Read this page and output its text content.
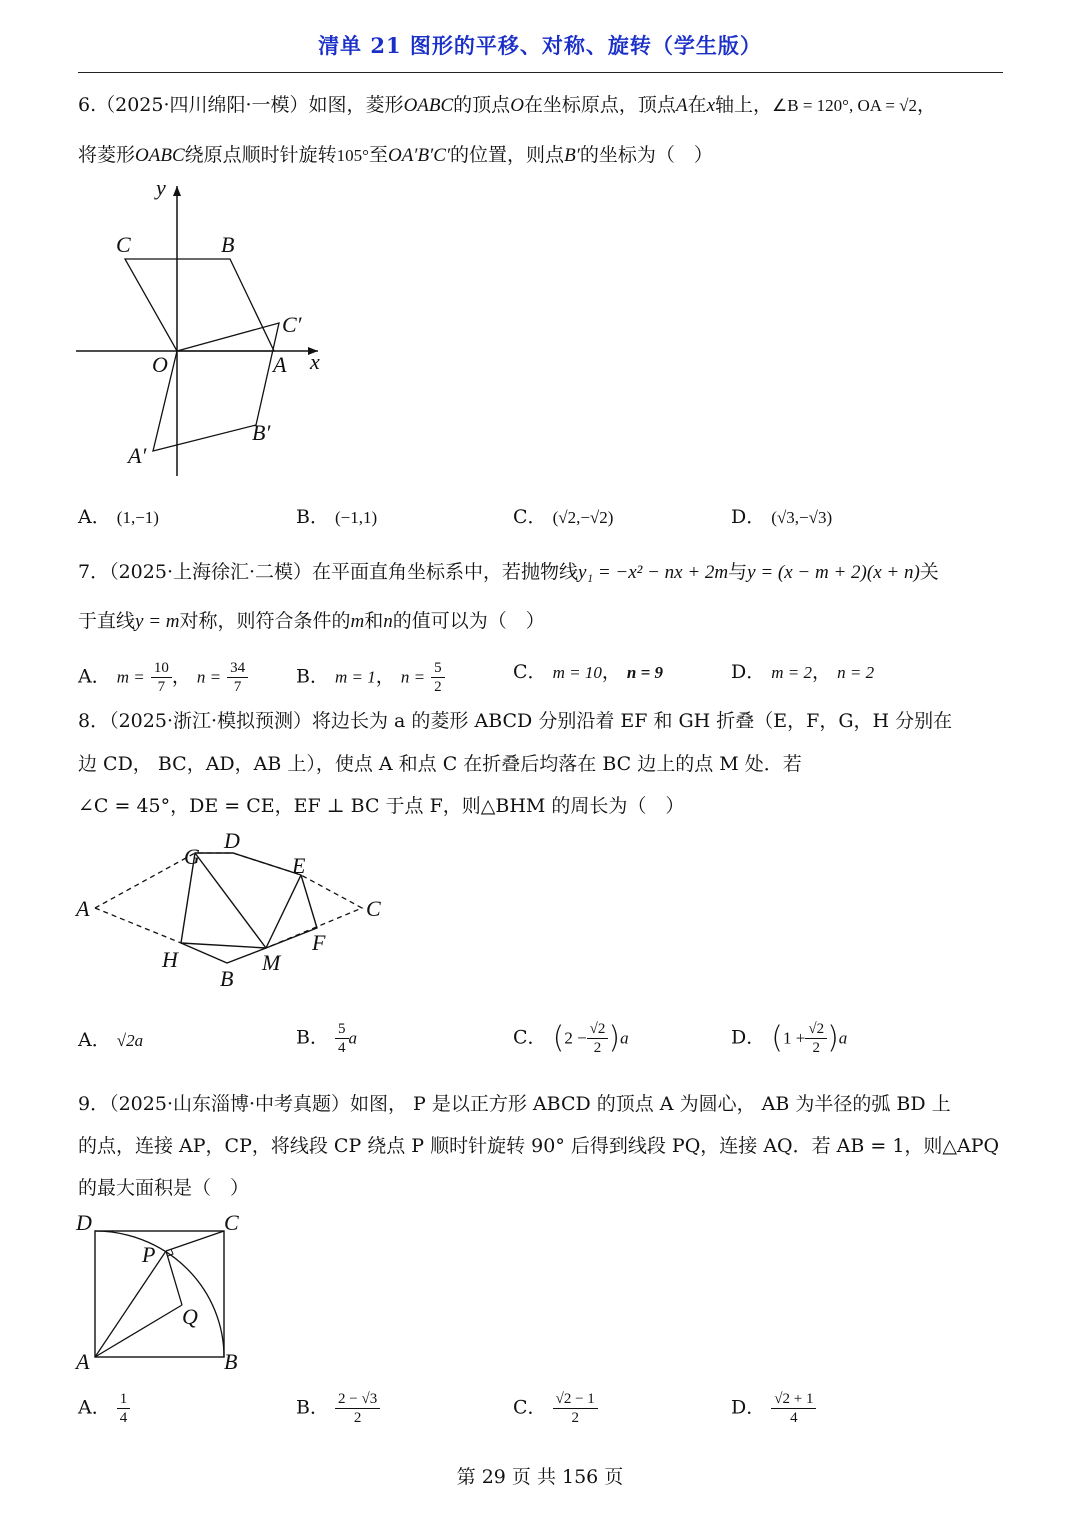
清单 21 图形的平移、对称、旋转（学生版）
6.（2025·四川绵阳·一模）如图，菱形OABC的顶点O在坐标原点，顶点A在x轴上，∠B = 120°, OA = √2，
将菱形OABC绕原点顺时针旋转105°至OA′B′C′的位置，则点B′的坐标为（　）
y
x
C	B
C′
O	A
B′
A′
A． (1,−1)	B． (−1,1)	C． (√2,−√2)	D． (√3,−√3)
7．（2025·上海徐汇·二模）在平面直角坐标系中，若抛物线y₁ = −x² − nx + 2m与y = (x − m + 2)(x + n)关
于直线y = m对称，则符合条件的m和n的值可以为（　）
A． $m = \frac{10}{7}$ ， $n = \frac{34}{7}$	B． m = 1， $n = \frac{5}{2}$	C． m = 10， n = 9	D． m = 2， n = 2
8．（2025·浙江·模拟预测）将边长为 a 的菱形 ABCD 分别沿着 EF 和 GH 折叠（E，F，G，H 分别在
边 CD， BC，AD，AB 上），使点 A 和点 C 在折叠后均落在 BC 边上的点 M 处．若
∠C = 45°，DE = CE，EF ⊥ BC 于点 F，则△BHM 的周长为（　）
A
G
D
E
C
F
H
B
M
A． √2a	B． $\frac{5}{4}$ a	C． $(2 - \frac{√2}{2} )a$	D． $(1 + \frac{√2}{2} )a$
9．（2025·山东淄博·中考真题）如图， P 是以正方形 ABCD 的顶点 A 为圆心， AB 为半径的弧 BD 上
的点，连接 AP，CP，将线段 CP 绕点 P 顺时针旋转 90° 后得到线段 PQ，连接 AQ．若 AB = 1，则△APQ
的最大面积是（　）
D	C
P
Q
A	B
A． $\frac{1}{4}$	B． $\frac{2 - √3}{2}$	C． $\frac{√2 - 1}{2}$	D． $\frac{√2 + 1}{4}$
第 29 页 共 156 页
